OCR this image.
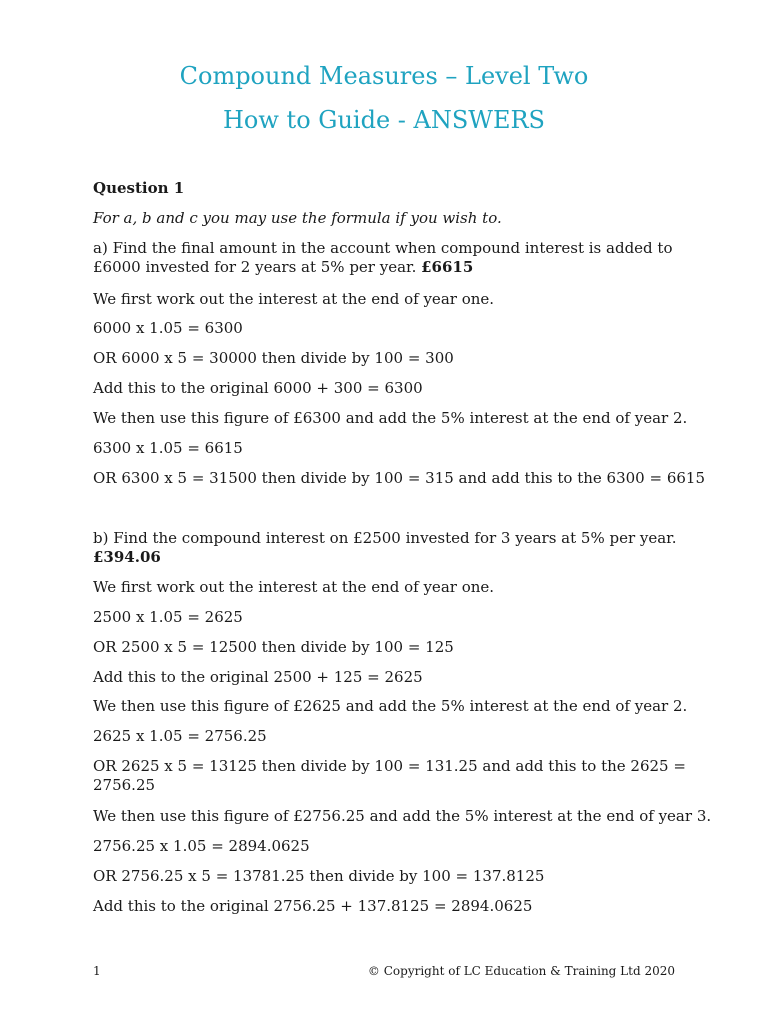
Compound Measures – Level Two
How to Guide - ANSWERS

Question 1

For a, b and c you may use the formula if you wish to.

a) Find the final amount in the account when compound interest is added to £6000 invested for 2 years at 5% per year. £6615

We first work out the interest at the end of year one.

6000 x 1.05 = 6300

OR 6000 x 5 = 30000 then divide by 100 = 300

Add this to the original 6000 + 300 = 6300

We then use this figure of £6300 and add the 5% interest at the end of year 2.

6300 x 1.05 = 6615

OR 6300 x 5 = 31500 then divide by 100 = 315 and add this to the 6300 = 6615

b) Find the compound interest on £2500 invested for 3 years at 5% per year. £394.06

We first work out the interest at the end of year one.

2500 x 1.05 = 2625

OR 2500 x 5 = 12500 then divide by 100 = 125

Add this to the original 2500 + 125 = 2625

We then use this figure of £2625 and add the 5% interest at the end of year 2.

2625 x 1.05 = 2756.25

OR 2625 x 5 = 13125 then divide by 100 = 131.25 and add this to the 2625 = 2756.25

We then use this figure of £2756.25 and add the 5% interest at the end of year 3.

2756.25 x 1.05 = 2894.0625

OR 2756.25 x 5 = 13781.25 then divide by 100 = 137.8125

Add this to the original 2756.25 + 137.8125 = 2894.0625

1	© Copyright of LC Education & Training Ltd 2020
